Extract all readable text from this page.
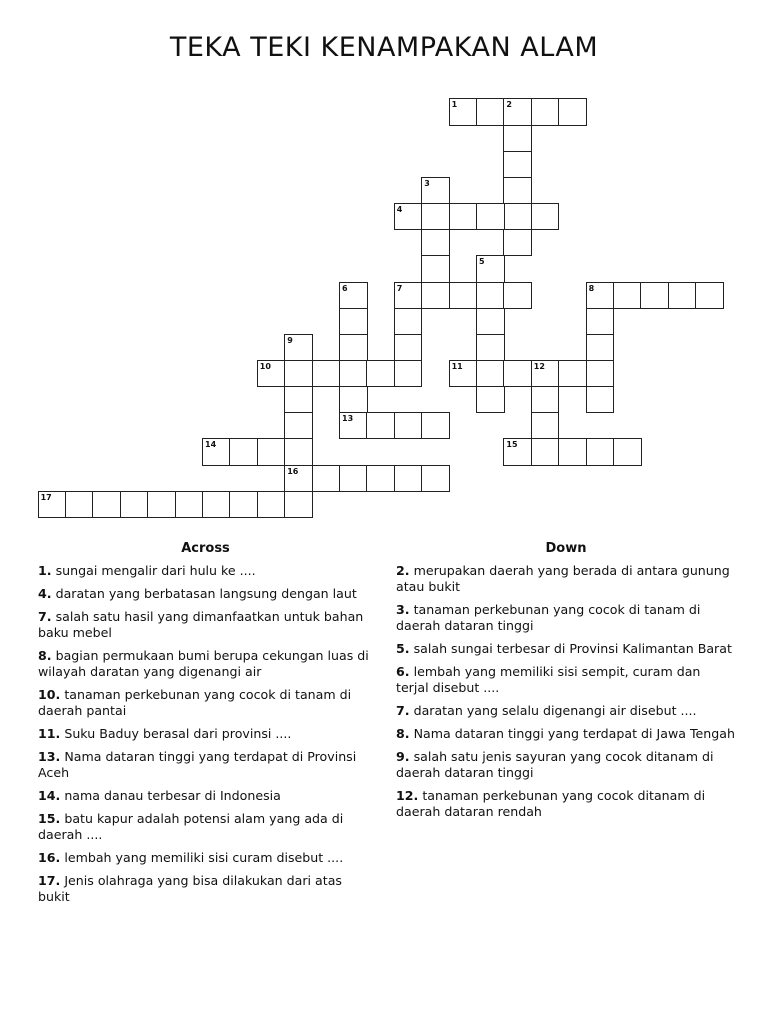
TEKA TEKI KENAMPAKAN ALAM
1	2
3
4
5
6
13
7	8
9
16
10	11	12
14	15
17
Across
1. sungai mengalir dari hulu ke ....
4. daratan yang berbatasan langsung dengan laut
7. salah satu hasil yang dimanfaatkan untuk bahan baku mebel
8. bagian permukaan bumi berupa cekungan luas di wilayah daratan yang digenangi air
10. tanaman perkebunan yang cocok di tanam di daerah pantai
11. Suku Baduy berasal dari provinsi ....
13. Nama dataran tinggi yang terdapat di Provinsi Aceh
14. nama danau terbesar di Indonesia
15. batu kapur adalah potensi alam yang ada di daerah ....
16. lembah yang memiliki sisi curam disebut ....
17. Jenis olahraga yang bisa dilakukan dari atas bukit
Down
2. merupakan daerah yang berada di antara gunung atau bukit
3. tanaman perkebunan yang cocok di tanam di daerah dataran tinggi
5. salah sungai terbesar di Provinsi Kalimantan Barat
6. lembah yang memiliki sisi sempit, curam dan terjal disebut ....
7. daratan yang selalu digenangi air disebut ....
8. Nama dataran tinggi yang terdapat di Jawa Tengah
9. salah satu jenis sayuran yang cocok ditanam di daerah dataran tinggi
12. tanaman perkebunan yang cocok ditanam di daerah dataran rendah
